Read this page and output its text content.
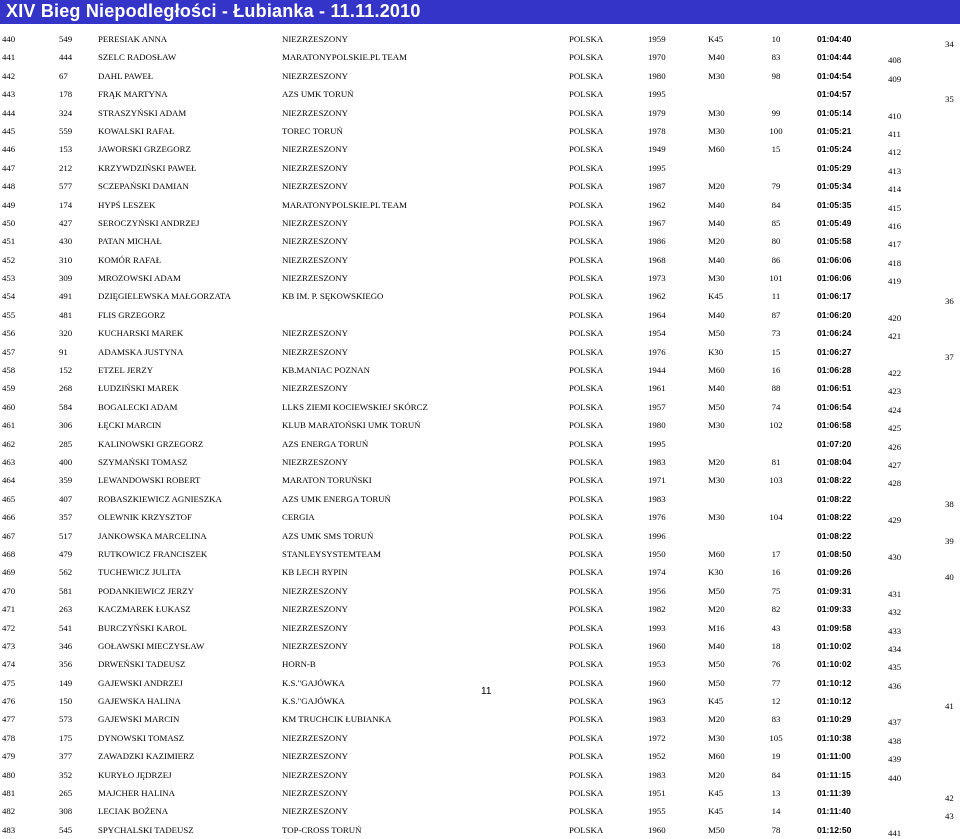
XIV Bieg Niepodległości - Łubianka - 11.11.2010
440	549	PERESIAK ANNA	NIEZRZESZONY	POLSKA	1959	K45	10	01:04:40	34
441	444	SZELC RADOSŁAW	MARATONYPOLSKIE.PL TEAM	POLSKA	1970	M40	83	01:04:44	408
442	67	DAHL PAWEŁ	NIEZRZESZONY	POLSKA	1980	M30	98	01:04:54	409
443	178	FRĄK MARTYNA	AZS UMK TORUŃ	POLSKA	1995	01:04:57	35
444	324	STRASZYŃSKI ADAM	NIEZRZESZONY	POLSKA	1979	M30	99	01:05:14	410
445	559	KOWALSKI RAFAŁ	TOREC TORUŃ	POLSKA	1978	M30	100	01:05:21	411
446	153	JAWORSKI GRZEGORZ	NIEZRZESZONY	POLSKA	1949	M60	15	01:05:24	412
447	212	KRZYWDZIŃSKI PAWEŁ	NIEZRZESZONY	POLSKA	1995	01:05:29	413
448	577	SCZEPAŃSKI DAMIAN	NIEZRZESZONY	POLSKA	1987	M20	79	01:05:34	414
449	174	HYPŚ LESZEK	MARATONYPOLSKIE.PL TEAM	POLSKA	1962	M40	84	01:05:35	415
450	427	SEROCZYŃSKI ANDRZEJ	NIEZRZESZONY	POLSKA	1967	M40	85	01:05:49	416
451	430	PATAN MICHAŁ	NIEZRZESZONY	POLSKA	1986	M20	80	01:05:58	417
452	310	KOMÓR RAFAŁ	NIEZRZESZONY	POLSKA	1968	M40	86	01:06:06	418
453	309	MROZOWSKI ADAM	NIEZRZESZONY	POLSKA	1973	M30	101	01:06:06	419
454	491	DZIĘGIELEWSKA MAŁGORZATA	KB IM. P. SĘKOWSKIEGO	POLSKA	1962	K45	11	01:06:17	36
455	481	FLIS GRZEGORZ	POLSKA	1964	M40	87	01:06:20	420
456	320	KUCHARSKI MAREK	NIEZRZESZONY	POLSKA	1954	M50	73	01:06:24	421
457	91	ADAMSKA JUSTYNA	NIEZRZESZONY	POLSKA	1976	K30	15	01:06:27	37
458	152	ETZEL JERZY	KB.MANIAC POZNAN	POLSKA	1944	M60	16	01:06:28	422
459	268	ŁUDZIŃSKI MAREK	NIEZRZESZONY	POLSKA	1961	M40	88	01:06:51	423
460	584	BOGALECKI ADAM	LLKS ZIEMI KOCIEWSKIEJ SKÓRCZ	POLSKA	1957	M50	74	01:06:54	424
461	306	ŁĘCKI MARCIN	KLUB MARATOŃSKI UMK TORUŃ	POLSKA	1980	M30	102	01:06:58	425
462	285	KALINOWSKI GRZEGORZ	AZS ENERGA TORUŃ	POLSKA	1995	01:07:20	426
463	400	SZYMAŃSKI TOMASZ	NIEZRZESZONY	POLSKA	1983	M20	81	01:08:04	427
464	359	LEWANDOWSKI ROBERT	MARATON TORUŃSKI	POLSKA	1971	M30	103	01:08:22	428
465	407	ROBASZKIEWICZ AGNIESZKA	AZS UMK ENERGA TORUŃ	POLSKA	1983	01:08:22	38
466	357	OLEWNIK KRZYSZTOF	CERGIA	POLSKA	1976	M30	104	01:08:22	429
467	517	JANKOWSKA MARCELINA	AZS UMK SMS TORUŃ	POLSKA	1996	01:08:22	39
468	479	RUTKOWICZ FRANCISZEK	STANLEYSYSTEMTEAM	POLSKA	1950	M60	17	01:08:50	430
469	562	TUCHEWICZ JULITA	KB LECH RYPIN	POLSKA	1974	K30	16	01:09:26	40
470	581	PODANKIEWICZ JERZY	NIEZRZESZONY	POLSKA	1956	M50	75	01:09:31	431
471	263	KACZMAREK ŁUKASZ	NIEZRZESZONY	POLSKA	1982	M20	82	01:09:33	432
472	541	BURCZYŃSKI KAROL	NIEZRZESZONY	POLSKA	1993	M16	43	01:09:58	433
473	346	GOŁAWSKI MIECZYSŁAW	NIEZRZESZONY	POLSKA	1960	M40	18	01:10:02	434
474	356	DRWEŃSKI TADEUSZ	HORN-B	POLSKA	1953	M50	76	01:10:02	435
475	149	GAJEWSKI ANDRZEJ	K.S."GAJÓWKA	POLSKA	1960	M50	77	01:10:12	436
476	150	GAJEWSKA HALINA	K.S."GAJÓWKA	POLSKA	1963	K45	12	01:10:12	41
477	573	GAJEWSKI MARCIN	KM TRUCHCIK ŁUBIANKA	POLSKA	1983	M20	83	01:10:29	437
478	175	DYNOWSKI TOMASZ	NIEZRZESZONY	POLSKA	1972	M30	105	01:10:38	438
479	377	ZAWADZKI KAZIMIERZ	NIEZRZESZONY	POLSKA	1952	M60	19	01:11:00	439
480	352	KURYŁO JĘDRZEJ	NIEZRZESZONY	POLSKA	1983	M20	84	01:11:15	440
481	265	MAJCHER HALINA	NIEZRZESZONY	POLSKA	1951	K45	13	01:11:39	42
482	308	LECIAK BOŻENA	NIEZRZESZONY	POLSKA	1955	K45	14	01:11:40	43
483	545	SPYCHALSKI TADEUSZ	TOP-CROSS TORUŃ	POLSKA	1960	M50	78	01:12:50	441
11
